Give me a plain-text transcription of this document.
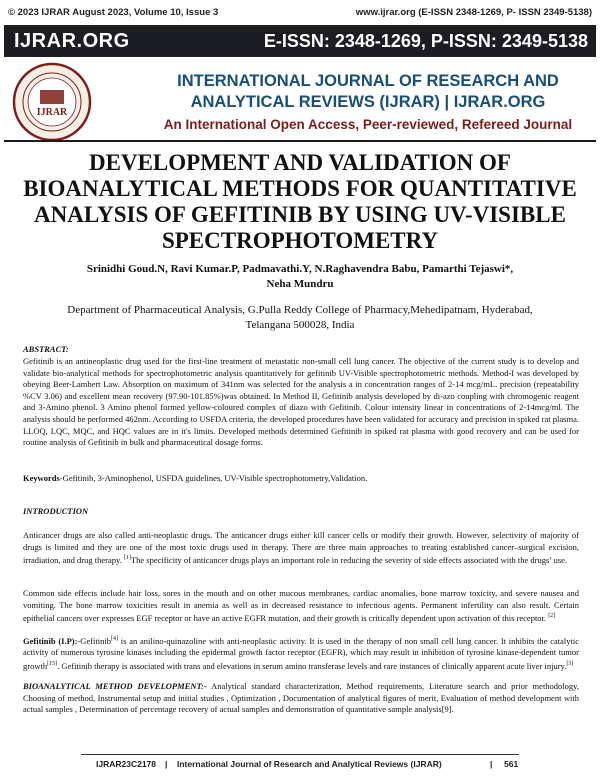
© 2023 IJRAR August 2023, Volume 10, Issue 3	www.ijrar.org (E-ISSN 2348-1269, P- ISSN 2349-5138)
IJRAR.ORG	E-ISSN: 2348-1269, P-ISSN: 2349-5138
IJRAR
INTERNATIONAL JOURNAL OF RESEARCH AND
ANALYTICAL REVIEWS (IJRAR) | IJRAR.ORG
An International Open Access, Peer-reviewed, Refereed Journal
DEVELOPMENT AND VALIDATION OF BIOANALYTICAL METHODS FOR QUANTITATIVE ANALYSIS OF GEFITINIB BY USING UV-VISIBLE SPECTROPHOTOMETRY
Srinidhi Goud.N, Ravi Kumar.P, Padmavathi.Y, N.Raghavendra Babu, Pamarthi Tejaswi*,
Neha Mundru
Department of Pharmaceutical Analysis, G.Pulla Reddy College of Pharmacy,Mehedipatnam, Hyderabad,
Telangana 500028, India
ABSTRACT:
Gefitinib is an antineoplastic drug used for the first-line treatment of metastatic non-small cell lung cancer. The objective of the current study is to develop and validate bio-analytical methods for spectrophotometric analysis quantitatively for gefitinib UV-Visible spectrophotometric methods. Method-I was developed by obeying Beer-Lambert Law. Absorption on maximum of 341nm was selected for the analysis a in concentration ranges of 2-14 mcg/mL. precision (repeatability %CV 3.06) and excellent mean recovery (97.90-101.85%)was obtained. In Method II, Gefitinib analysis developed by di-azo coupling with chromogenic reagent and 3-Amino phenol. 3 Amino phenol formed yellow-coloured complex of diazo with Gefitinib. Colour intensity linear in concentrations of 2-14mcg/ml. The analysis should be performed 462nm. According to USFDA criteria, the developed procedures have been validated for accuracy and precision in spiked rat plasma. LLOQ, LQC, MQC, and HQC values are in it's limits. Developed methods determined Gefitinib in spiked rat plasma with good recovery and can be used for routine analysis of Gefitinib in bulk and pharmaceutical dosage forms.
Keywords-Gefitinib, 3-Aminophenol, USFDA guidelines, UV-Visible spectrophotometry,Validation.
INTRODUCTION
Anticancer drugs are also called anti-neoplastic drugs. The anticancer drugs either kill cancer cells or modify their growth. However, selectivity of majority of drugs is limited and they are one of the most toxic drugs used in therapy. There are three main approaches to treating established cancer–surgical excision, irradiation, and drug therapy. [1]The specificity of anticancer drugs plays an important role in reducing the severity of side effects associated with the drugs’ use.
Common side effects include hair loss, sores in the mouth and on other mucous membranes, cardiac anomalies, bone marrow toxicity, and severe nausea and vomiting. The bone marrow toxicities result in anemia as well as in decreased resistance to infectious agents. Permanent infertility can also result. Certain epithelial cancers over expresses EGF receptor or have an active EGFR mutation, and their growth is critically dependent upon activation of this receptor. [2]
Gefitinib (I.P):-Gefitinib[4] is an anilino-quinazoline with anti-neoplastic activity. It is used in the therapy of non small cell lung cancer. It inhibits the catalytic activity of numerous tyrosine kinases including the epidermal growth factor receptor (EGFR), which may result in inhibition of tyrosine kinase-dependent tumor growth[15]. Gefitinib therapy is associated with trans and elevations in serum amino transferase levels and rare instances of clinically apparent acute liver injury.[3]
BIOANALYTICAL METHOD DEVELOPMENT:- Analytical standard characterization, Method requirements, Literature search and prior methodology, Choosing of method, Instrumental setup and initial studies , Optimization , Documentation of analytical figures of merit, Evaluation of method development with actual samples , Determination of percentage recovery of actual samples and demonstration of quantitative sample analysis[9].
IJRAR23C2178 | International Journal of Research and Analytical Reviews (IJRAR)	| 561
